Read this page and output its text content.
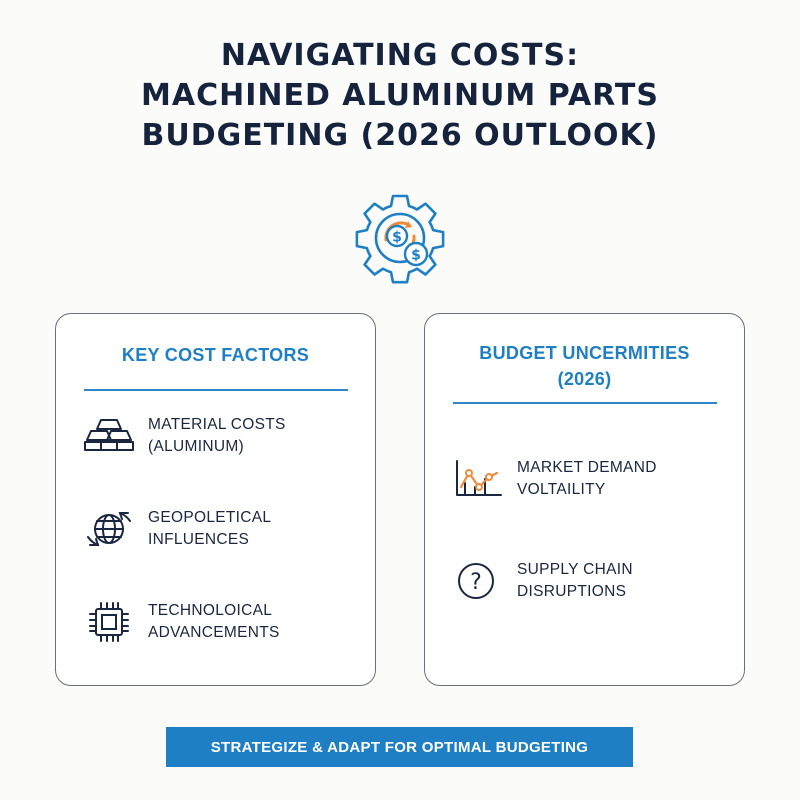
NAVIGATING COSTS:
MACHINED ALUMINUM PARTS
BUDGETING (2026 OUTLOOK)
$
$
KEY COST FACTORS
MATERIAL COSTS
(ALUMINUM)
GEOPOLETICAL
INFLUENCES
TECHNOLOICAL
ADVANCEMENTS
BUDGET UNCERMITIES
(2026)
MARKET DEMAND
VOLTAILITY
?
SUPPLY CHAIN
DISRUPTIONS
STRATEGIZE & ADAPT FOR OPTIMAL BUDGETING
